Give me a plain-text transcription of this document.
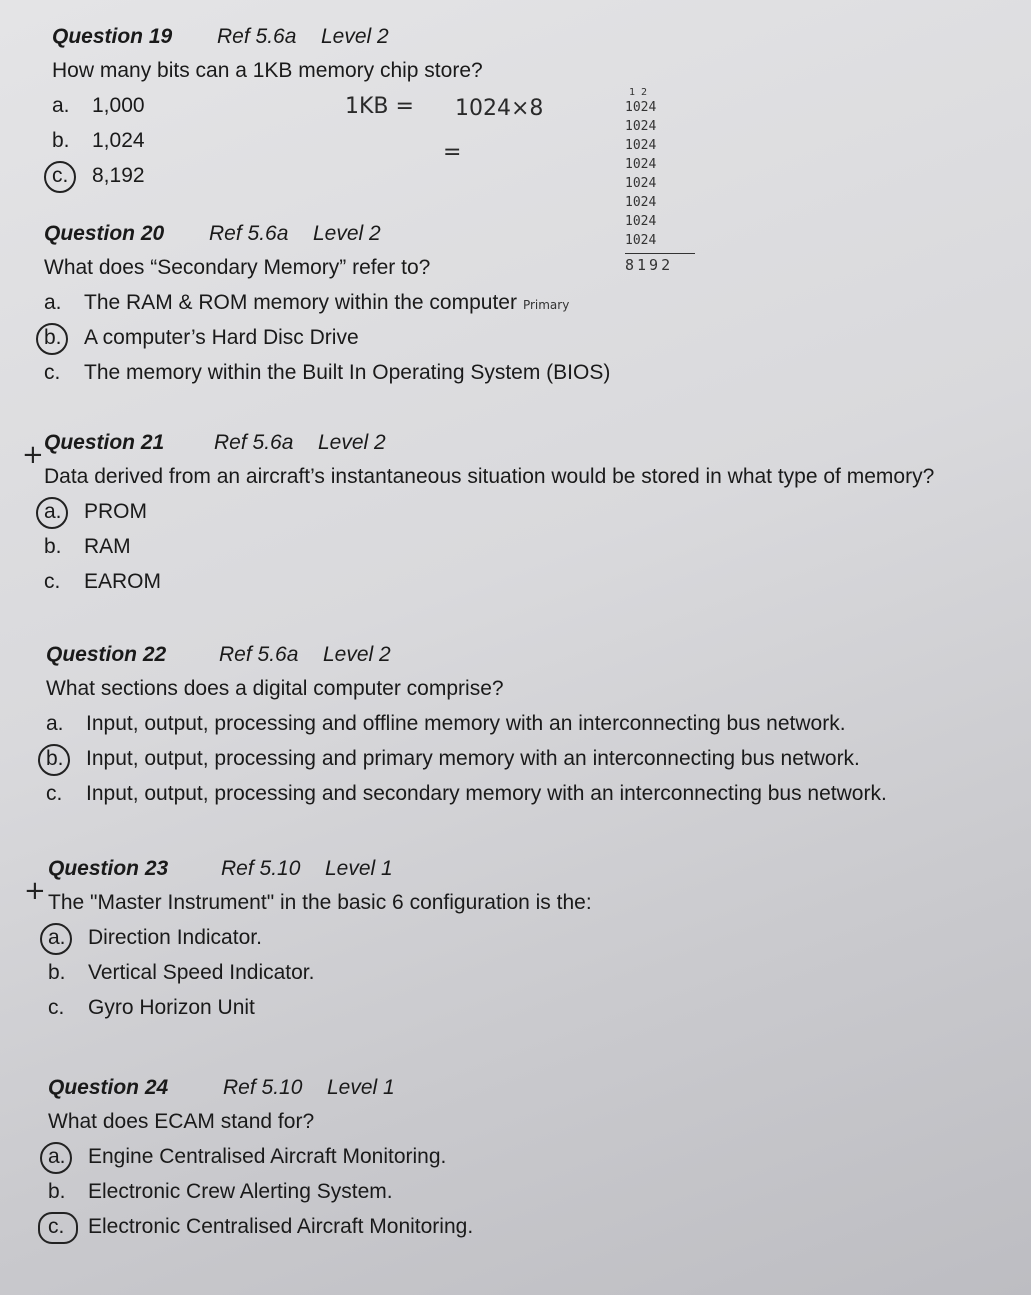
Question 19 Ref 5.6a Level 2
How many bits can a 1KB memory chip store?
a. 1,000
b. 1,024
c. 8,192
1KB = 1024×8
=
1 2
1024
1024
1024
1024
1024
1024
1024
1024
8192
Question 20 Ref 5.6a Level 2
What does “Secondary Memory” refer to?
a. The RAM & ROM memory within the computer Primary
b. A computer’s Hard Disc Drive
c. The memory within the Built In Operating System (BIOS)
+ Question 21 Ref 5.6a Level 2
Data derived from an aircraft’s instantaneous situation would be stored in what type of memory?
a. PROM
b. RAM
c. EAROM
Question 22	Ref 5.6a Level 2
What sections does a digital computer comprise?
a. Input, output, processing and offline memory with an interconnecting bus network.
b. Input, output, processing and primary memory with an interconnecting bus network.
c. Input, output, processing and secondary memory with an interconnecting bus network.
+
Question 23	Ref 5.10 Level 1
The "Master Instrument" in the basic 6 configuration is the:
a. Direction Indicator.
b. Vertical Speed Indicator.
c. Gyro Horizon Unit
Question 24	Ref 5.10 Level 1
What does ECAM stand for?
a. Engine Centralised Aircraft Monitoring.
b. Electronic Crew Alerting System.
c. Electronic Centralised Aircraft Monitoring.
